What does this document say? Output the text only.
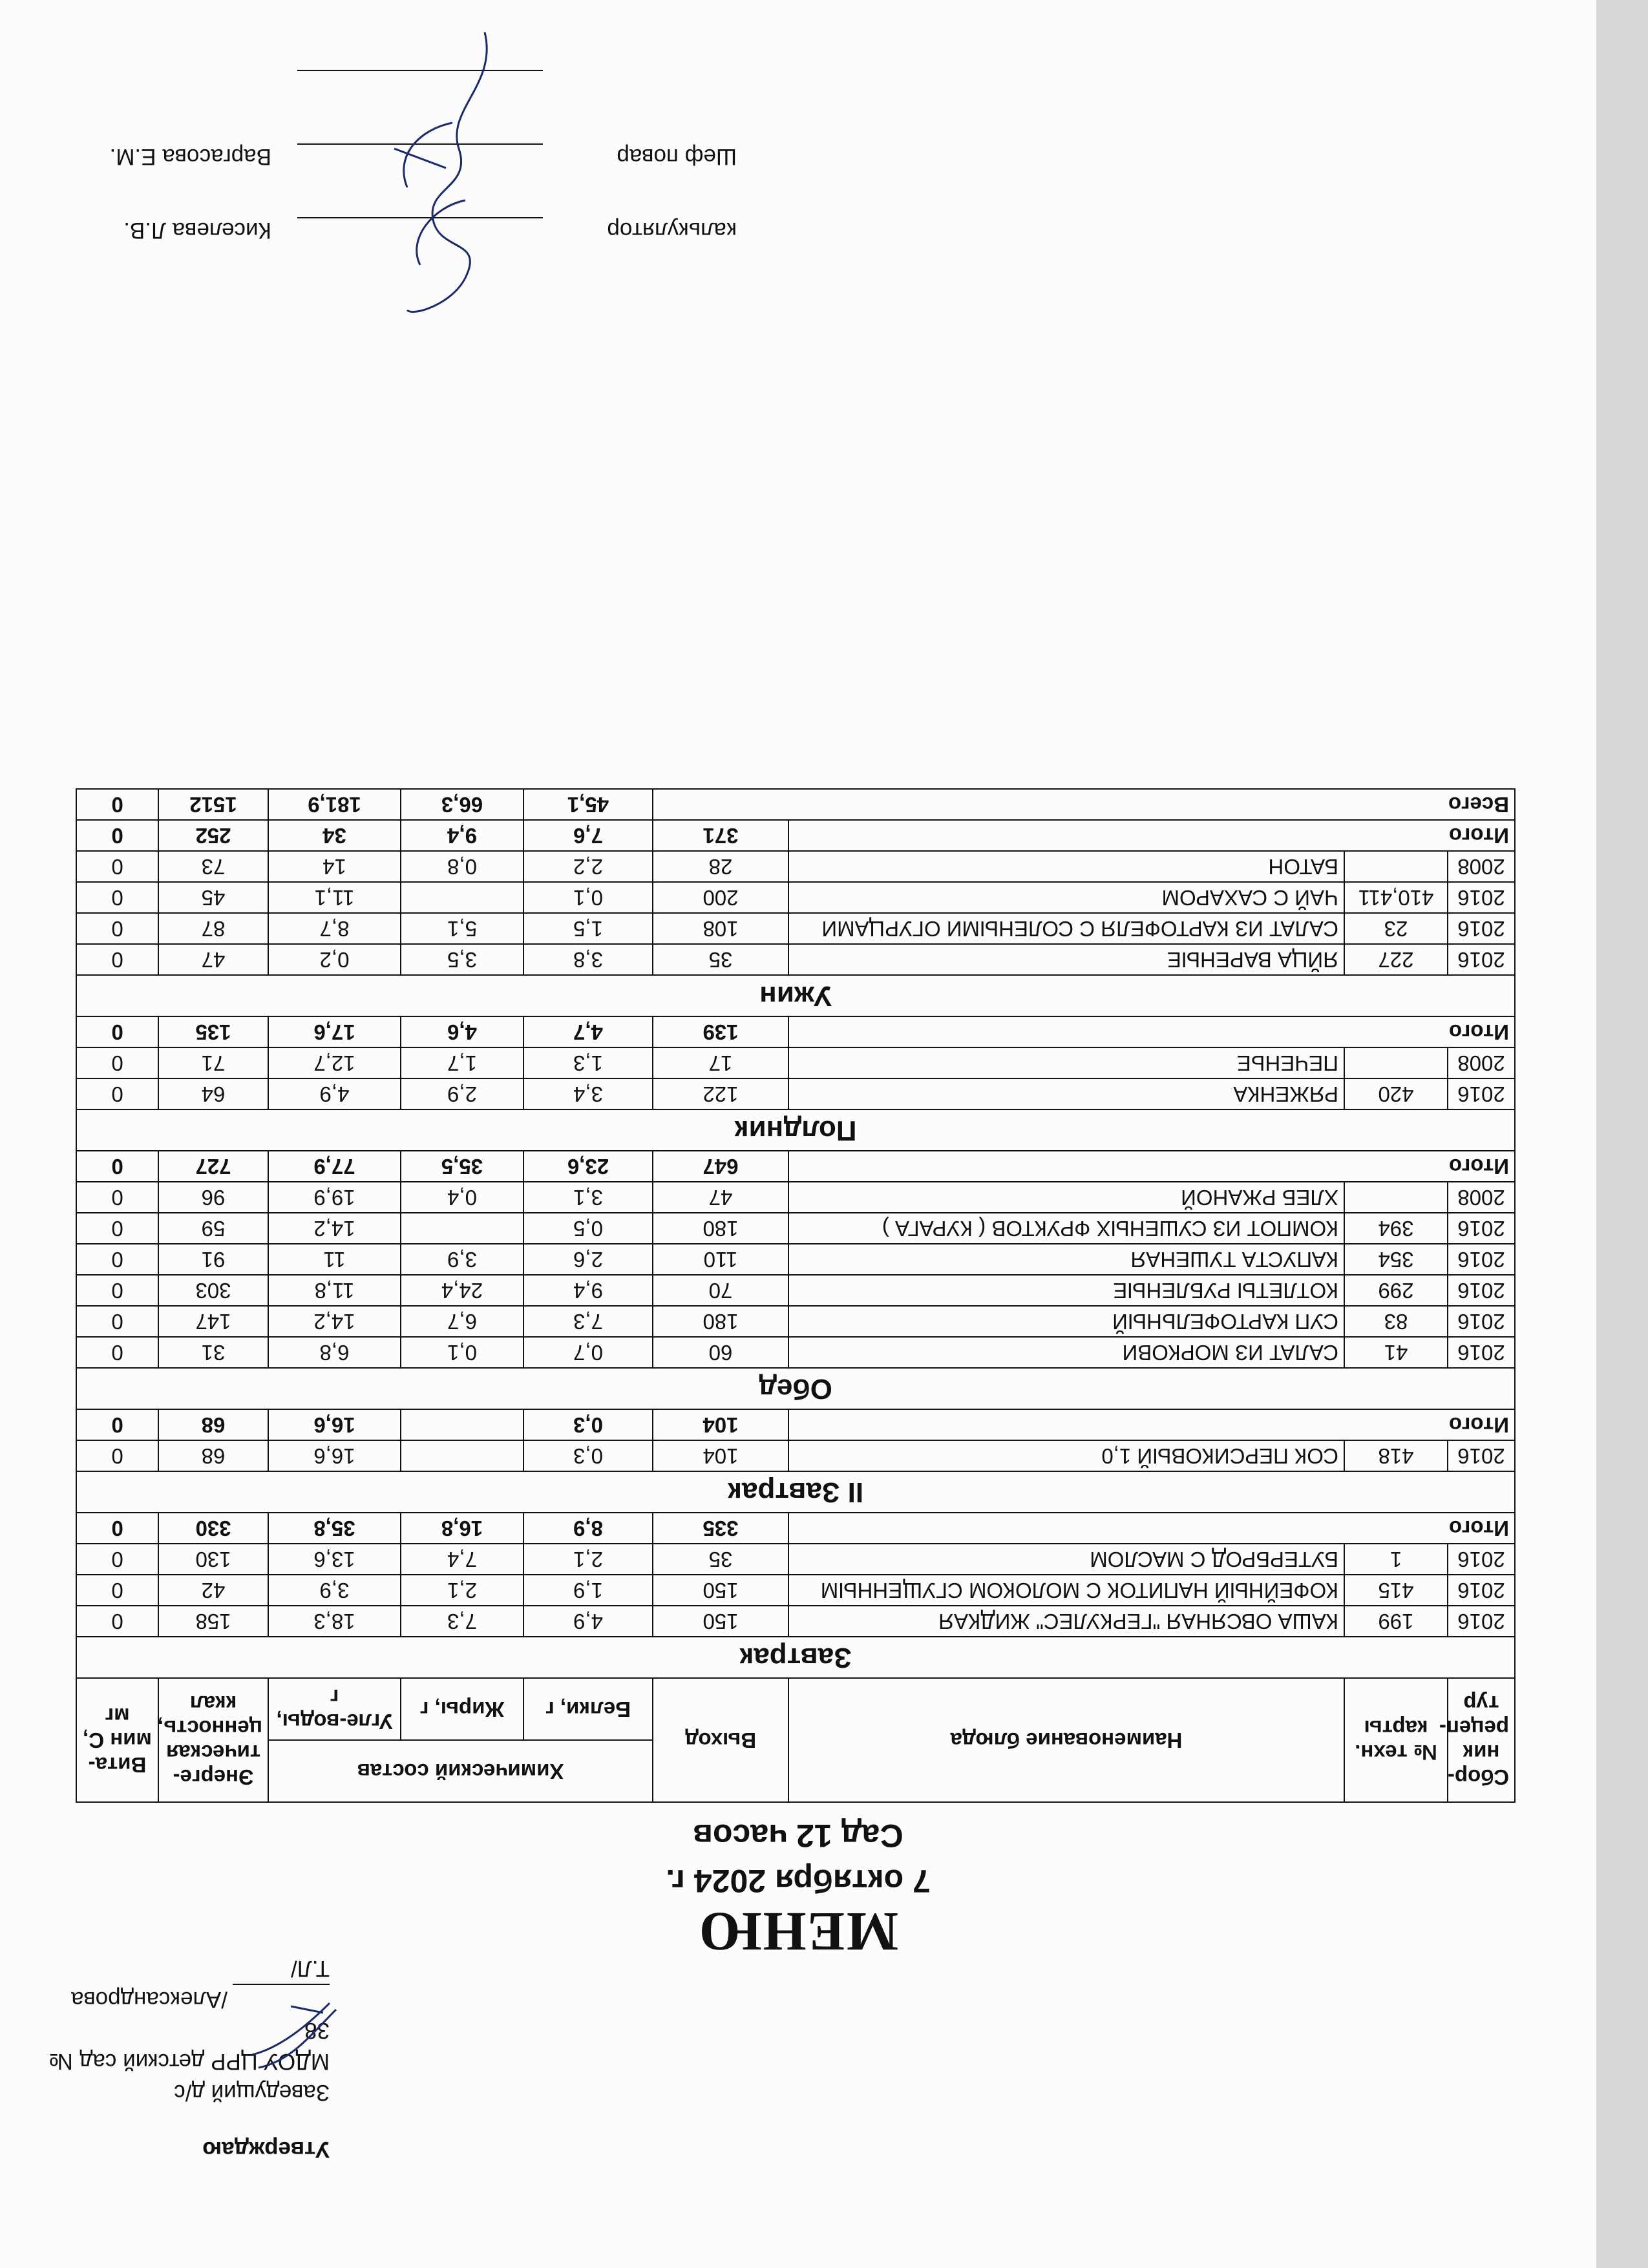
Утверждаю
Заведущий д/с
МДОУ ЦРР детский сад № 38
/Александрова Т.Л/
МЕНЮ
7 октября 2024 г.
Сад 12 часов
Сбор-ник рецеп-тур	№ техн. карты	Наименование блюда	Выход	Химический состав			Энерге-тическая ценность, ккал	Вита-мин С, мг
				Белки, г	Жиры, г	Угле-воды, г		
Завтрак								
2016	199	КАША ОВСЯНАЯ "ГЕРКУЛЕС" ЖИДКАЯ	150	4,9	7,3	18,3	158	0
2016	415	КОФЕЙНЫЙ НАПИТОК С МОЛОКОМ СГУЩЕННЫМ	150	1,9	2,1	3,9	42	0
2016	1	БУТЕРБРОД С МАСЛОМ	35	2,1	7,4	13,6	130	0
Итого			335	8,9	16,8	35,8	330	0
II Завтрак								
2016	418	СОК ПЕРСИКОВЫЙ 1,0	104	0,3		16,6	68	0
Итого			104	0,3		16,6	68	0
Обед								
2016	41	САЛАТ ИЗ МОРКОВИ	60	0,7	0,1	6,8	31	0
2016	83	СУП КАРТОФЕЛЬНЫЙ	180	7,3	6,7	14,2	147	0
2016	299	КОТЛЕТЫ РУБЛЕНЫЕ	70	9,4	24,4	11,8	303	0
2016	354	КАПУСТА ТУШЕНАЯ	110	2,6	3,9	11	91	0
2016	394	КОМПОТ ИЗ СУШЕНЫХ ФРУКТОВ ( КУРАГА )	180	0,5		14,2	59	0
2008		ХЛЕБ РЖАНОЙ	47	3,1	0,4	19,9	96	0
Итого			647	23,6	35,5	77,9	727	0
Полдник								
2016	420	РЯЖЕНКА	122	3,4	2,9	4,9	64	0
2008		ПЕЧЕНЬЕ	17	1,3	1,7	12,7	71	0
Итого			139	4,7	4,6	17,6	135	0
Ужин								
2016	227	ЯЙЦА ВАРЕНЫЕ	35	3,8	3,5	0,2	47	0
2016	23	САЛАТ ИЗ КАРТОФЕЛЯ С СОЛЕНЫМИ ОГУРЦАМИ	108	1,5	5,1	8,7	87	0
2016	410,411	ЧАЙ С САХАРОМ	200	0,1		11,1	45	0
2008		БАТОН	28	2,2	0,8	14	73	0
Итого			371	7,6	9,4	34	252	0
Всего				45,1	66,3	181,9	1512	0
калькулятор
Киселева Л.В.
Шеф повар
Варгасова Е.М.
